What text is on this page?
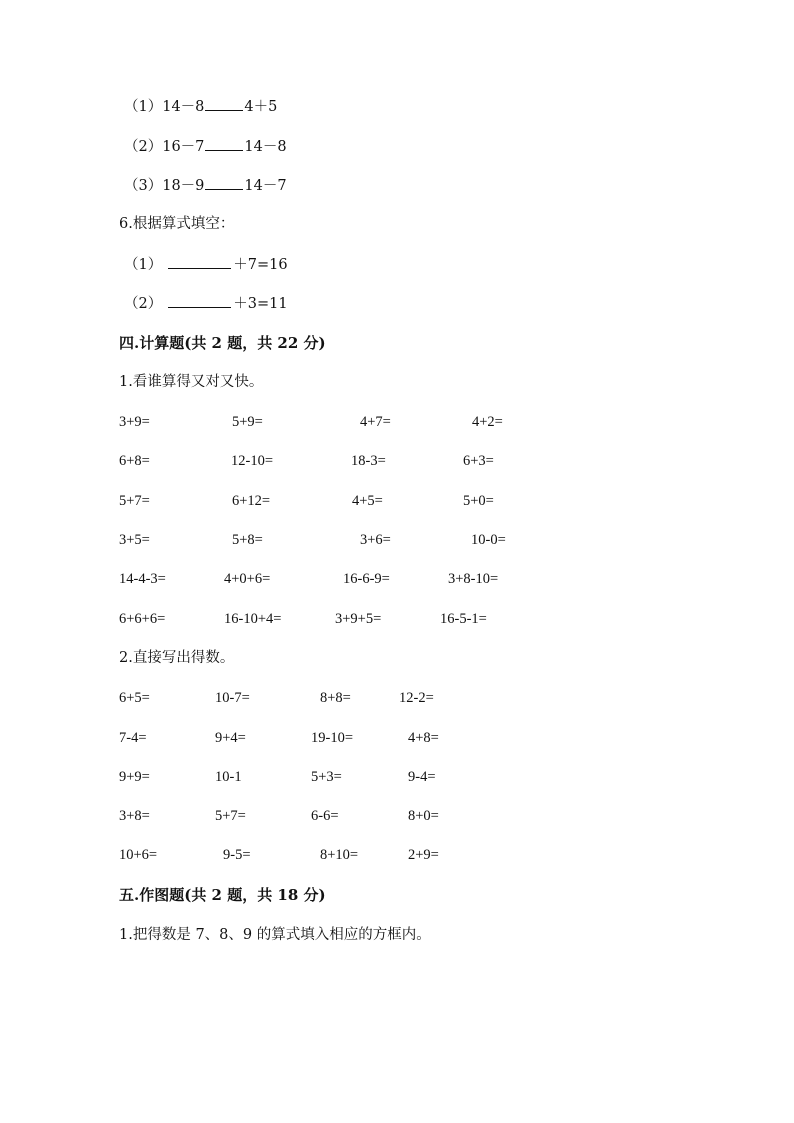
（1）14－8	4＋5
（2）16－7	14－8
（3）18－9	14－7
6.根据算式填空：
（1）	＋7=16
（2）	＋3=11
四.计算题(共 2 题，共 22 分)
1.看谁算得又对又快。
3+9=	5+9=	4+7=	4+2=
6+8=	12-10=	18-3=	6+3=
5+7=	6+12=	4+5=	5+0=
3+5=	5+8=	3+6=	10-0=
14-4-3=	4+0+6=	16-6-9=	3+8-10=
6+6+6=	16-10+4=	3+9+5=	16-5-1=
2.直接写出得数。
6+5=	10-7=	8+8=	12-2=
7-4=	9+4=	19-10=	4+8=
9+9=	10-1	5+3=	9-4=
3+8=	5+7=	6-6=	8+0=
10+6=	9-5=	8+10=	2+9=
五.作图题(共 2 题，共 18 分)
1.把得数是 7、8、9 的算式填入相应的方框内。
